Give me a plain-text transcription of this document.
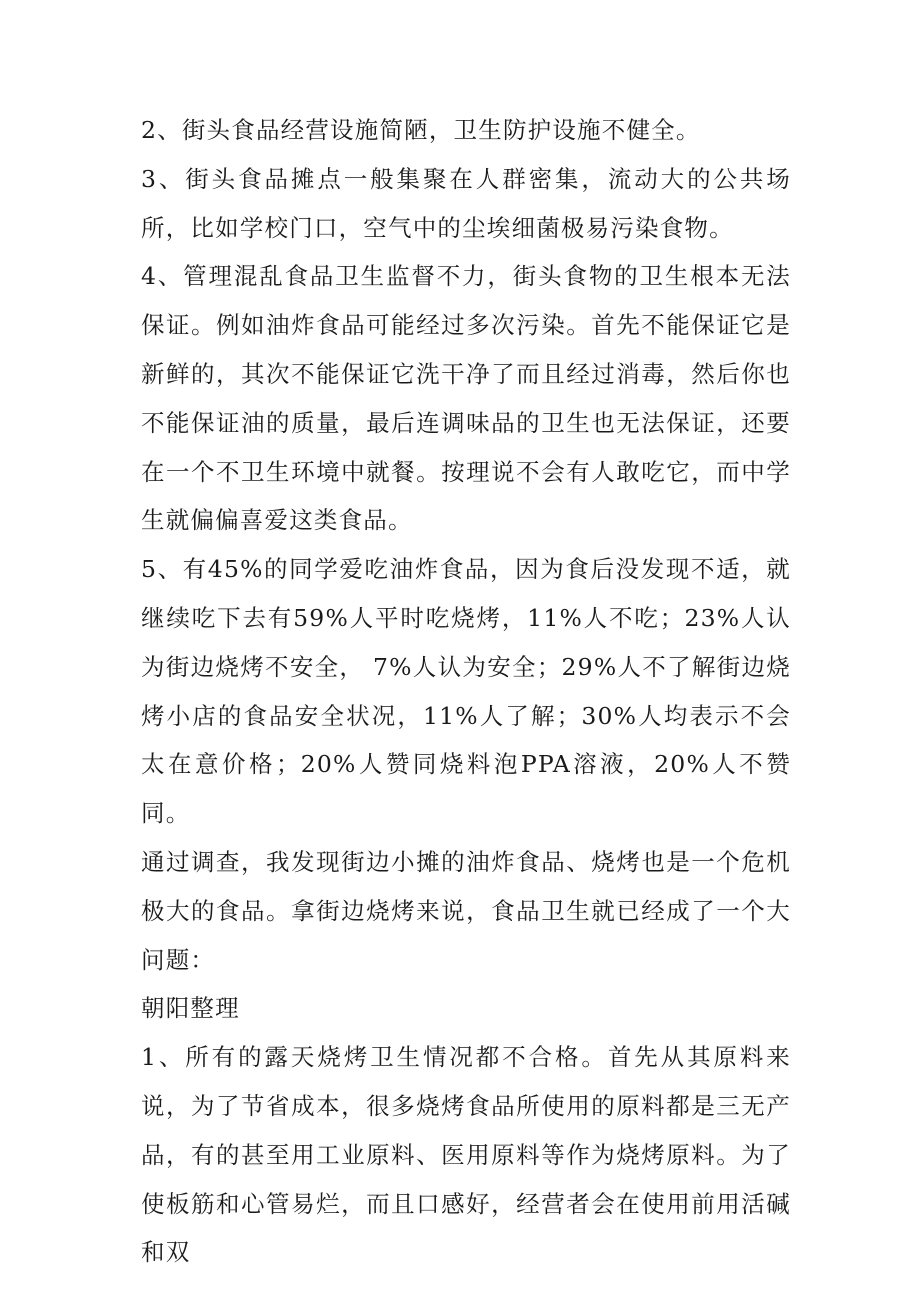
2、街头食品经营设施简陋，卫生防护设施不健全。

3、街头食品摊点一般集聚在人群密集，流动大的公共场所，比如学校门口，空气中的尘埃细菌极易污染食物。

4、管理混乱食品卫生监督不力，街头食物的卫生根本无法保证。例如油炸食品可能经过多次污染。首先不能保证它是新鲜的，其次不能保证它洗干净了而且经过消毒，然后你也不能保证油的质量，最后连调味品的卫生也无法保证，还要在一个不卫生环境中就餐。按理说不会有人敢吃它，而中学生就偏偏喜爱这类食品。

5、有45%的同学爱吃油炸食品，因为食后没发现不适，就继续吃下去有59%人平时吃烧烤，11%人不吃；23%人认为街边烧烤不安全， 7%人认为安全；29%人不了解街边烧烤小店的食品安全状况，11%人了解；30%人均表示不会太在意价格；20%人赞同烧料泡PPA溶液，20%人不赞同。

通过调查，我发现街边小摊的油炸食品、烧烤也是一个危机极大的食品。拿街边烧烤来说，食品卫生就已经成了一个大问题：

朝阳整理

1、所有的露天烧烤卫生情况都不合格。首先从其原料来说，为了节省成本，很多烧烤食品所使用的原料都是三无产品，有的甚至用工业原料、医用原料等作为烧烤原料。为了使板筋和心管易烂，而且口感好，经营者会在使用前用活碱和双
